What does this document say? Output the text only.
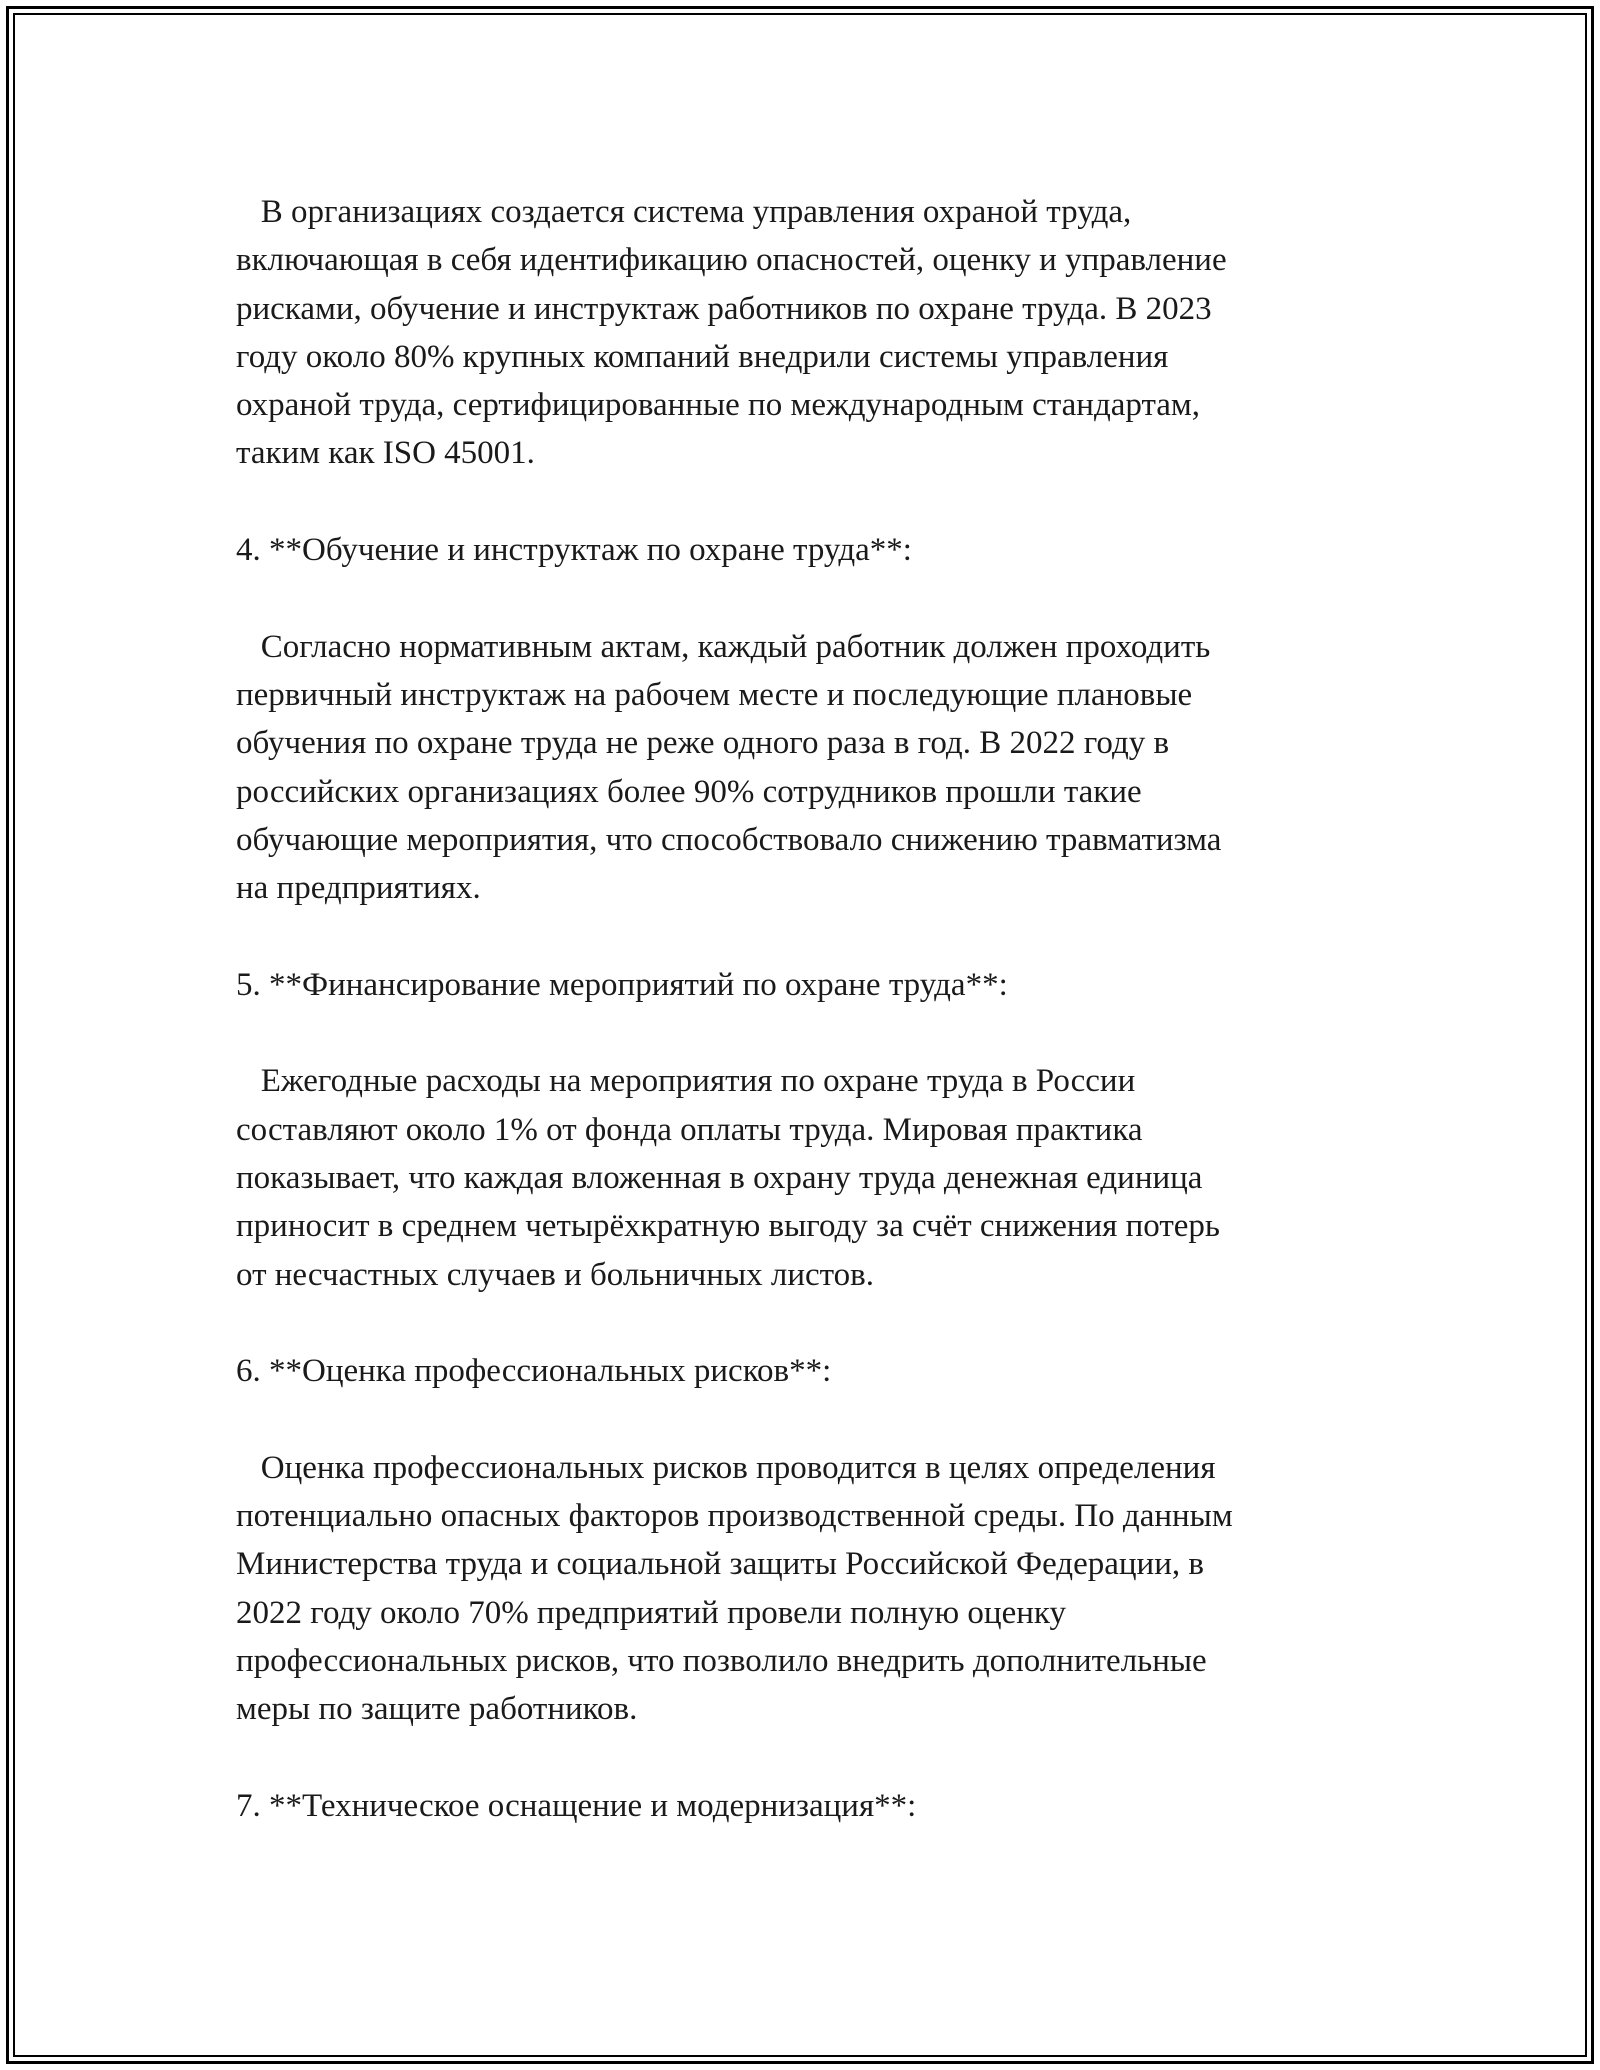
В организациях создается система управления охраной труда,

включающая в себя идентификацию опасностей, оценку и управление

рисками, обучение и инструктаж работников по охране труда. В 2023

году около 80% крупных компаний внедрили системы управления

охраной труда, сертифицированные по международным стандартам,

таким как ISO 45001.

4. **Обучение и инструктаж по охране труда**:

Согласно нормативным актам, каждый работник должен проходить

первичный инструктаж на рабочем месте и последующие плановые

обучения по охране труда не реже одного раза в год. В 2022 году в

российских организациях более 90% сотрудников прошли такие

обучающие мероприятия, что способствовало снижению травматизма

на предприятиях.

5. **Финансирование мероприятий по охране труда**:

Ежегодные расходы на мероприятия по охране труда в России

составляют около 1% от фонда оплаты труда. Мировая практика

показывает, что каждая вложенная в охрану труда денежная единица

приносит в среднем четырёхкратную выгоду за счёт снижения потерь

от несчастных случаев и больничных листов.

6. **Оценка профессиональных рисков**:

Оценка профессиональных рисков проводится в целях определения

потенциально опасных факторов производственной среды. По данным

Министерства труда и социальной защиты Российской Федерации, в

2022 году около 70% предприятий провели полную оценку

профессиональных рисков, что позволило внедрить дополнительные

меры по защите работников.

7. **Техническое оснащение и модернизация**:
